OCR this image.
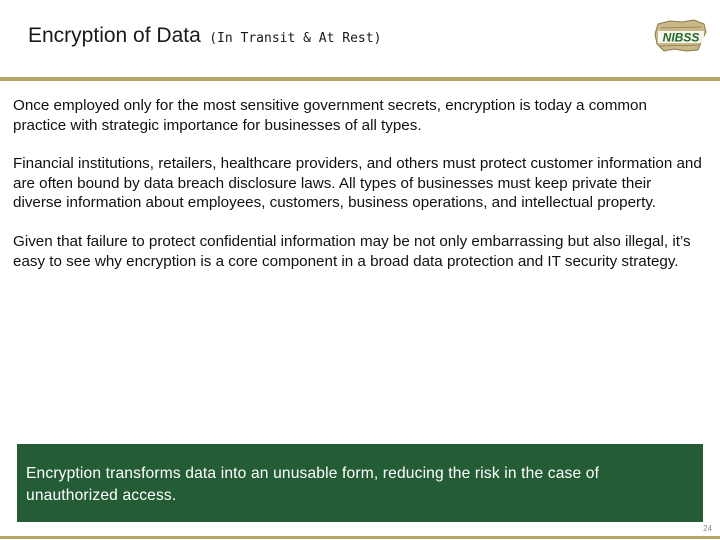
Encryption of Data (In Transit & At Rest)	NIBSS

Once employed only for the most sensitive government secrets, encryption is today a common practice with strategic importance for businesses of all types.

Financial institutions, retailers, healthcare providers, and others must protect customer information and are often bound by data breach disclosure laws. All types of businesses must keep private their diverse information about employees, customers, business operations, and intellectual property.

Given that failure to protect confidential information may be not only embarrassing but also illegal, it’s easy to see why encryption is a core component in a broad data protection and IT security strategy.

Encryption transforms data into an unusable form, reducing the risk in the case of unauthorized access.
24
